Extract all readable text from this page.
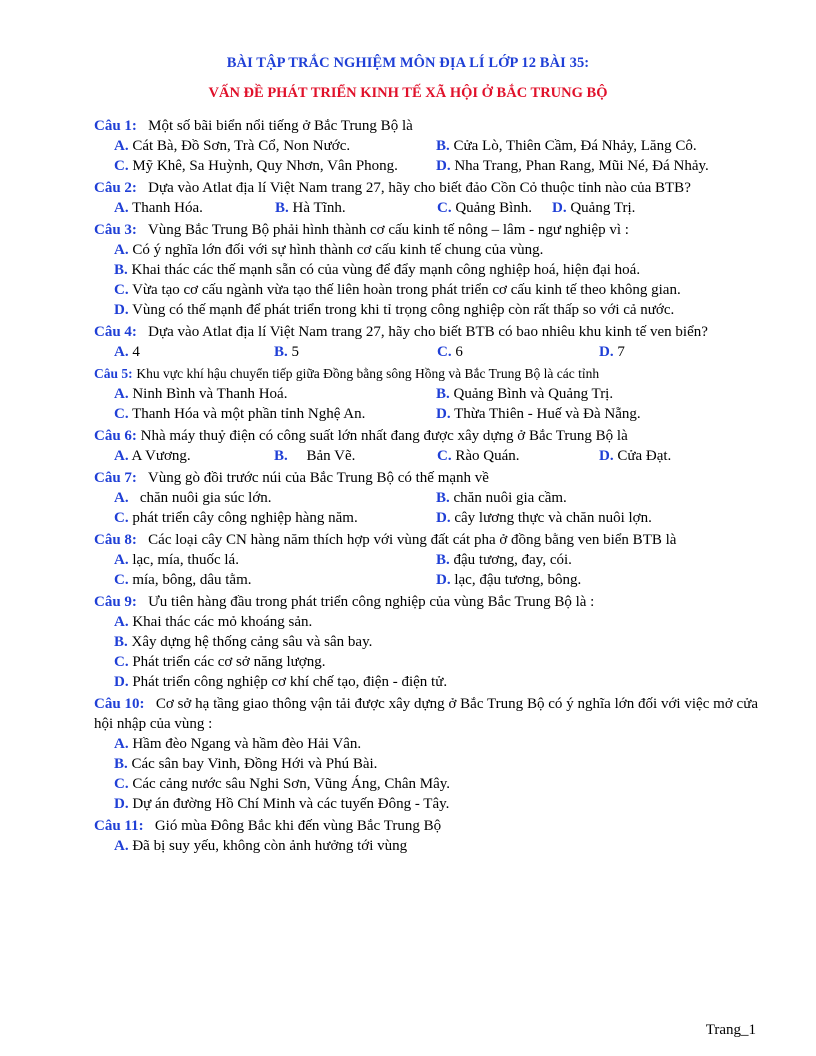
BÀI TẬP TRẮC NGHIỆM MÔN ĐỊA LÍ LỚP 12 BÀI 35:
VẤN ĐỀ PHÁT TRIỂN KINH TẾ XÃ HỘI Ở BẮC TRUNG BỘ
Câu 1: Một số bãi biển nổi tiếng ở Bắc Trung Bộ là
A. Cát Bà, Đồ Sơn, Trà Cổ, Non Nước.	B. Cửa Lò, Thiên Cầm, Đá Nhảy, Lăng Cô.
C. Mỹ Khê, Sa Huỳnh, Quy Nhơn, Vân Phong.	D. Nha Trang, Phan Rang, Mũi Né, Đá Nhảy.
Câu 2: Dựa vào Atlat địa lí Việt Nam trang 27, hãy cho biết đảo Cồn Cỏ thuộc tỉnh nào của BTB?
A. Thanh Hóa.	B. Hà Tĩnh.	C. Quảng Bình.	D. Quảng Trị.
Câu 3: Vùng Bắc Trung Bộ phải hình thành cơ cấu kinh tế nông – lâm - ngư nghiệp vì :
A. Có ý nghĩa lớn đối với sự hình thành cơ cấu kinh tế chung của vùng.
B. Khai thác các thế mạnh sẵn có của vùng để đẩy mạnh công nghiệp hoá, hiện đại hoá.
C. Vừa tạo cơ cấu ngành vừa tạo thế liên hoàn trong phát triển cơ cấu kinh tế theo không gian.
D. Vùng có thế mạnh để phát triển trong khi tỉ trọng công nghiệp còn rất thấp so với cả nước.
Câu 4: Dựa vào Atlat địa lí Việt Nam trang 27, hãy cho biết BTB có bao nhiêu khu kinh tế ven biển?
A. 4	B. 5	C. 6	D. 7
Câu 5: Khu vực khí hậu chuyển tiếp giữa Đồng bằng sông Hồng và Bắc Trung Bộ là các tỉnh
A. Ninh Bình và Thanh Hoá.	B. Quảng Bình và Quảng Trị.
C. Thanh Hóa và một phần tỉnh Nghệ An.	D. Thừa Thiên - Huế và Đà Nẵng.
Câu 6: Nhà máy thuỷ điện có công suất lớn nhất đang được xây dựng ở Bắc Trung Bộ là
A. A Vương.	B. Bản Vẽ.	C. Rào Quán.	D. Cửa Đạt.
Câu 7: Vùng gò đồi trước núi của Bắc Trung Bộ có thế mạnh về
A. chăn nuôi gia súc lớn.	B. chăn nuôi gia cầm.
C. phát triển cây công nghiệp hàng năm.	D. cây lương thực và chăn nuôi lợn.
Câu 8: Các loại cây CN hàng năm thích hợp với vùng đất cát pha ở đồng bằng ven biển BTB là
A. lạc, mía, thuốc lá.	B. đậu tương, đay, cói.
C. mía, bông, dâu tằm.	D. lạc, đậu tương, bông.
Câu 9: Ưu tiên hàng đầu trong phát triển công nghiệp của vùng Bắc Trung Bộ là :
A. Khai thác các mỏ khoáng sản.
B. Xây dựng hệ thống cảng sâu và sân bay.
C. Phát triển các cơ sở năng lượng.
D. Phát triển công nghiệp cơ khí chế tạo, điện - điện tử.
Câu 10: Cơ sở hạ tầng giao thông vận tải được xây dựng ở Bắc Trung Bộ có ý nghĩa lớn đối với việc mở cửa hội nhập của vùng :
A. Hầm đèo Ngang và hầm đèo Hải Vân.
B. Các sân bay Vinh, Đồng Hới và Phú Bài.
C. Các cảng nước sâu Nghi Sơn, Vũng Áng, Chân Mây.
D. Dự án đường Hồ Chí Minh và các tuyến Đông - Tây.
Câu 11: Gió mùa Đông Bắc khi đến vùng Bắc Trung Bộ
A. Đã bị suy yếu, không còn ảnh hưởng tới vùng
Trang_1
